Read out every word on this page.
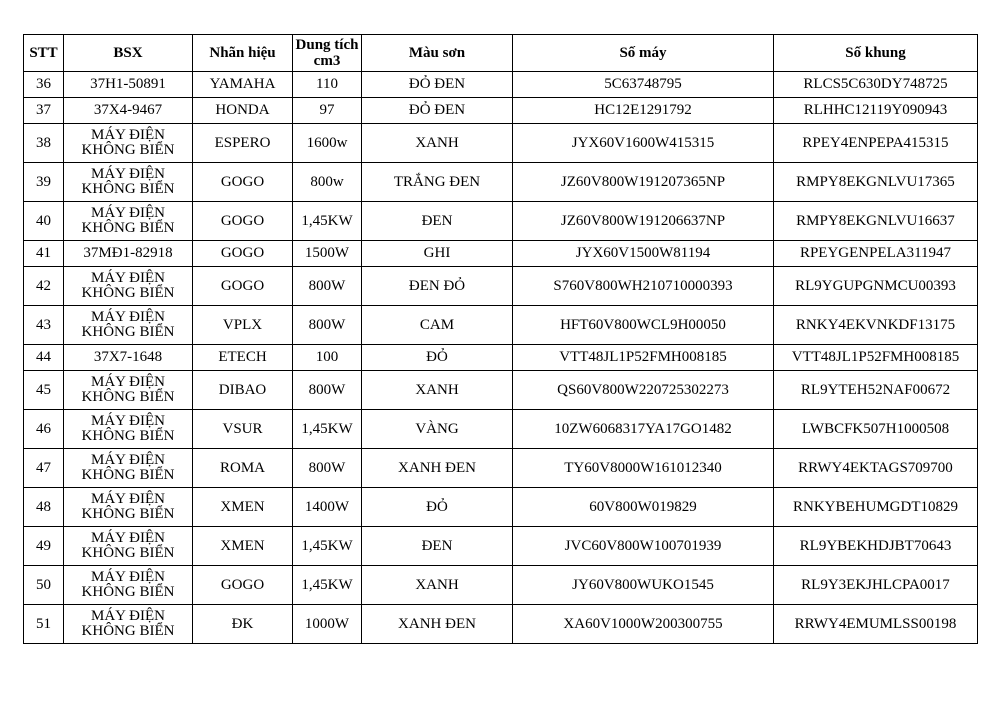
STT	BSX	Nhãn hiệu	Dung tích cm3	Màu sơn	Số máy	Số khung
36	37H1-50891	YAMAHA	110	ĐỎ ĐEN	5C63748795	RLCS5C630DY748725
37	37X4-9467	HONDA	97	ĐỎ ĐEN	HC12E1291792	RLHHC12119Y090943
38	MÁY ĐIỆN KHÔNG BIỂN	ESPERO	1600w	XANH	JYX60V1600W415315	RPEY4ENPEPA415315
39	MÁY ĐIỆN KHÔNG BIỂN	GOGO	800w	TRẮNG ĐEN	JZ60V800W191207365NP	RMPY8EKGNLVU17365
40	MÁY ĐIỆN KHÔNG BIỂN	GOGO	1,45KW	ĐEN	JZ60V800W191206637NP	RMPY8EKGNLVU16637
41	37MĐ1-82918	GOGO	1500W	GHI	JYX60V1500W81194	RPEYGENPELA311947
42	MÁY ĐIỆN KHÔNG BIỂN	GOGO	800W	ĐEN ĐỎ	S760V800WH210710000393	RL9YGUPGNMCU00393
43	MÁY ĐIỆN KHÔNG BIỂN	VPLX	800W	CAM	HFT60V800WCL9H00050	RNKY4EKVNKDF13175
44	37X7-1648	ETECH	100	ĐỎ	VTT48JL1P52FMH008185	VTT48JL1P52FMH008185
45	MÁY ĐIỆN KHÔNG BIỂN	DIBAO	800W	XANH	QS60V800W220725302273	RL9YTEH52NAF00672
46	MÁY ĐIỆN KHÔNG BIỂN	VSUR	1,45KW	VÀNG	10ZW6068317YA17GO1482	LWBCFK507H1000508
47	MÁY ĐIỆN KHÔNG BIỂN	ROMA	800W	XANH ĐEN	TY60V8000W161012340	RRWY4EKTAGS709700
48	MÁY ĐIỆN KHÔNG BIỂN	XMEN	1400W	ĐỎ	60V800W019829	RNKYBEHUMGDT10829
49	MÁY ĐIỆN KHÔNG BIỂN	XMEN	1,45KW	ĐEN	JVC60V800W100701939	RL9YBEKHDJBT70643
50	MÁY ĐIỆN KHÔNG BIỂN	GOGO	1,45KW	XANH	JY60V800WUKO1545	RL9Y3EKJHLCPA0017
51	MÁY ĐIỆN KHÔNG BIỂN	ĐK	1000W	XANH ĐEN	XA60V1000W200300755	RRWY4EMUMLSS00198
